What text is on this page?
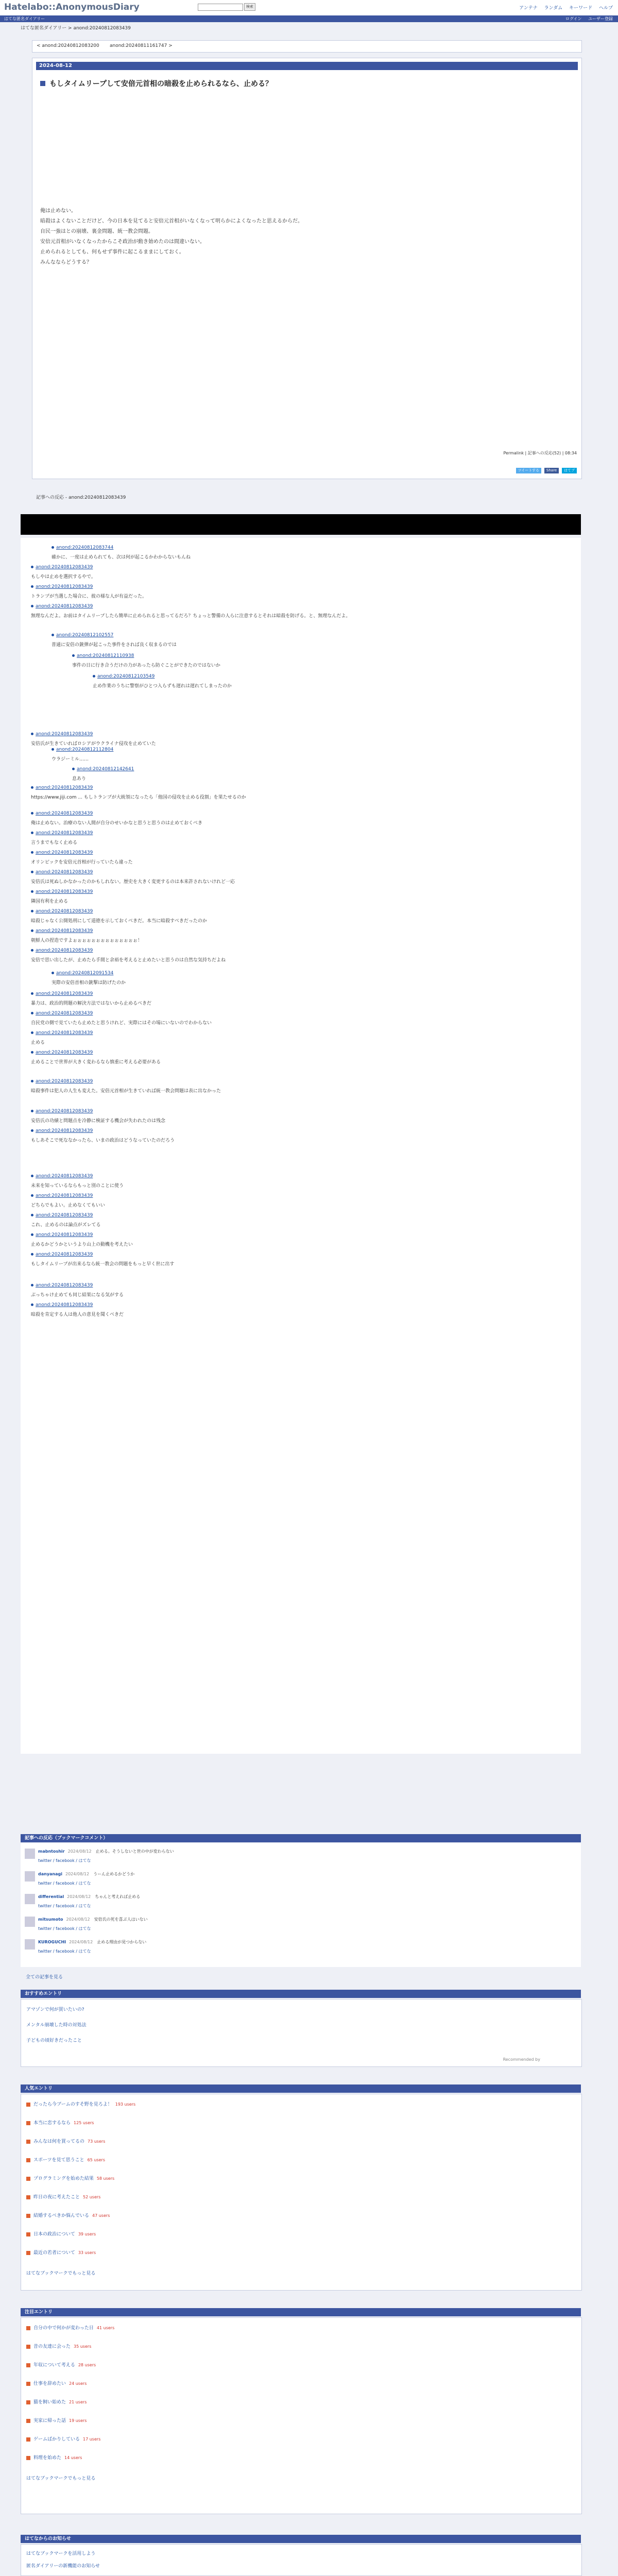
Hatelabo::AnonymousDiary	検索	アンテナ ランダム キーワード ヘルプ
はてな匿名ダイアリー	ログイン ユーザー登録
はてな匿名ダイアリー > anond:20240812083439
< anond:20240812083200 anond:20240811161747 >
2024-08-12
もしタイムリープして安倍元首相の暗殺を止められるなら、止める？
俺は止めない。
暗殺はよくないことだけど、今の日本を見てると安倍元首相がいなくなって明らかによくなったと思えるからだ。
自民一強はとの崩壊、裏金問題、統一教会問題。
安倍元首相がいなくなったからこそ政治が動き始めたのは間違いない。
止められるとしても、何もせず事件に起こるままにしておく。
みんなならどうする？
Permalink | 記事への反応(52) | 08:34
ツイートする Share はてブ
記事への反応 - anond:20240812083439
anond:20240812083744
確かに、一度は止められても、次は何が起こるかわからないもんね
anond:20240812083439
もしやは止めを選択するやで。
anond:20240812083439
トランプが当選した場合に、彼の様な人が有益だった。
anond:20240812083439
無理なんだよ。お前はタイムリープしたら簡単に止められると思ってるだろ？ちょっと警備の人らに注意するとそれは暗殺を防げる。と、無理なんだよ。
anond:20240812102557
普通に安倍の銃弾が起こった事件をされば良く収まるのでは
anond:20240812110938
事件の日に行き合うだけの力があったら防ぐことができたのではないか
anond:20240812103549
止め作業のうちに警察がひとつ入らずも遅れは遅れてしまったのか
anond:20240812083439
安倍氏が生きていればロシアがウクライナ侵攻を止めていた
anond:20240812112804
ウラジーミル……
anond:20240812142641
息あり
anond:20240812083439
https://www.jiji.com ... もしトランプが大統領になったら「他国の侵攻を止める役割」を果たせるのか
anond:20240812083439
俺は止めない。治療のない人間が自分のせいかなと思うと思うのは止めておくべき
anond:20240812083439
言うまでもなく止める
anond:20240812083439
オリンピックを安倍元首相が行っていたら違った
anond:20240812083439
安倍氏は死ぬしかなかったのかもしれない。歴史を大きく変更するのは本来許されないけれど一応
anond:20240812083439
隣国有利を止める
anond:20240812083439
暗殺じゃなく公開処刑にして道徳を示しておくべきだ。本当に暗殺すべきだったのか
anond:20240812083439
朝鮮人の捏造ですよぉぉぉぉぉぉぉぉぉぉぉぉぉぉ！
anond:20240812083439
安倍で思い出したが、止めたら手間と余裕を考えると止めたいと思うのは自然な気持ちだよね
anond:20240812091534
実際の安倍首相の銃撃は防げたのか
anond:20240812083439
暴力は、政治的問題の解決方法ではないから止めるべきだ
anond:20240812083439
自民党の側で見ていたら止めたと思うけれど、実際にはその場にいないのでわからない
anond:20240812083439
止める
anond:20240812083439
止めることで世界が大きく変わるなら慎重に考える必要がある
anond:20240812083439
暗殺事件は犯人の人生も変えた。安倍元首相が生きていれば統一教会問題は表に出なかった
anond:20240812083439
安倍氏の功績と問題点を冷静に検証する機会が失われたのは残念
anond:20240812083439
もしあそこで死ななかったら、いまの政治はどうなっていたのだろう
anond:20240812083439
未来を知っているならもっと別のことに使う
anond:20240812083439
どちらでもよい。止めなくてもいい
anond:20240812083439
これ、止めるのは論点がズレてる
anond:20240812083439
止めるかどうかというより山上の動機を考えたい
anond:20240812083439
もしタイムリープが出来るなら統一教会の問題をもっと早く世に出す
anond:20240812083439
ぶっちゃけ止めても同じ結果になる気がする
anond:20240812083439
暗殺を肯定する人は他人の意見を聞くべきだ
記事への反応（ブックマークコメント）
mabntoshir 2024/08/12 止める。そうしないと世の中が変わらない
twitter / facebook / はてな
danyanagi 2024/08/12 うーん止めるかどうか
twitter / facebook / はてな
differential 2024/08/12 ちゃんと考えれば止める
twitter / facebook / はてな
mitsumoto 2024/08/12 安倍氏の死を喜ぶ人はいない
twitter / facebook / はてな
KUROGUCHI 2024/08/12 止める理由が見つからない
twitter / facebook / はてな
全ての記事を見る
おすすめエントリ
アマゾンで何が買いたいの?
メンタル崩壊した時の対処法
子どもの頃好きだったこと
Recommended by
人気エントリ
だったら今ブームのすそ野を見ろよ！ 193 users
本当に恋するなら 125 users
みんなは何を買ってるの 73 users
スポーツを見て思うこと 65 users
プログラミングを始めた結果 58 users
昨日の夜に考えたこと 52 users
結婚するべきか悩んでいる 47 users
日本の政治について 39 users
最近の若者について 33 users
はてなブックマークでもっと見る
注目エントリ
自分の中で何かが変わった日 41 users
昔の友達に会った 35 users
年収について考える 28 users
仕事を辞めたい 24 users
猫を飼い始めた 21 users
実家に帰った話 19 users
ゲームばかりしている 17 users
料理を始めた 14 users
はてなブックマークでもっと見る
はてなからのお知らせ
はてなブックマークを活用しよう
匿名ダイアリーの新機能のお知らせ
